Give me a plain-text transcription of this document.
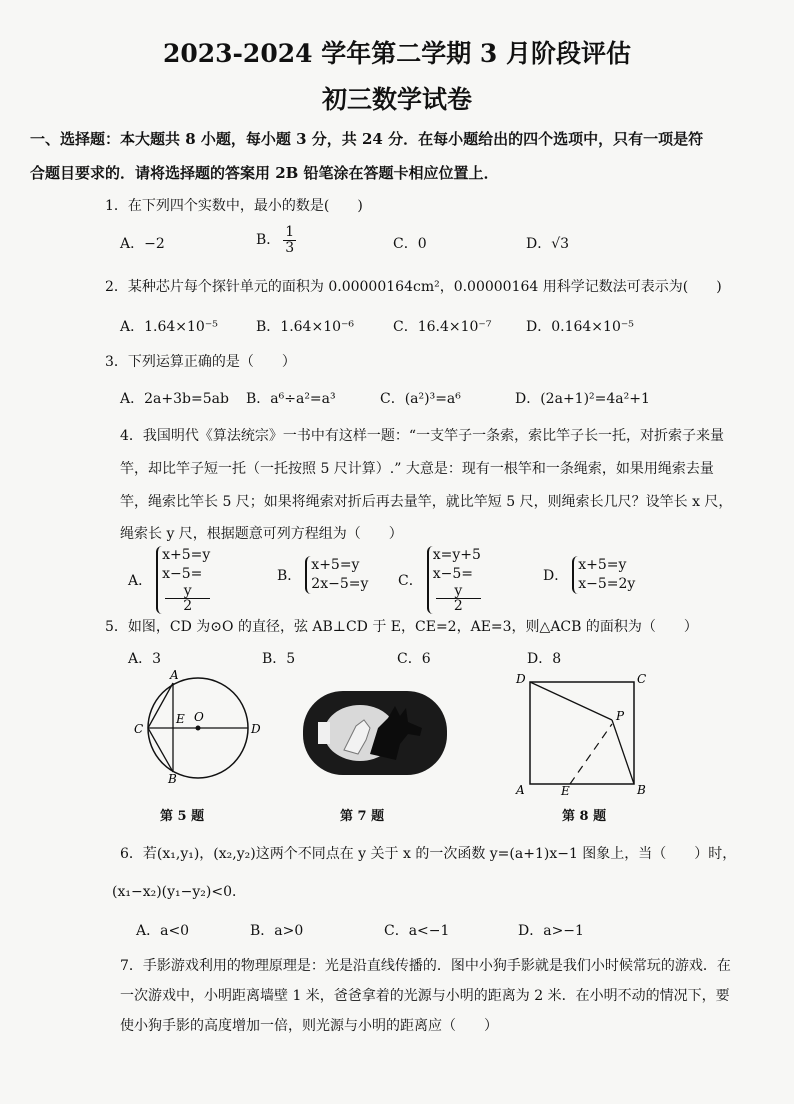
2023-2024 学年第二学期 3 月阶段评估
初三数学试卷
一、选择题：本大题共 8 小题，每小题 3 分，共 24 分．在每小题给出的四个选项中，只有一项是符
合题目要求的．请将选择题的答案用 2B 铅笔涂在答题卡相应位置上．
1．在下列四个实数中，最小的数是(　　)
A．−2	B． $\frac{1}{3}$	C．0	D．√3
2．某种芯片每个探针单元的面积为 0.00000164cm²，0.00000164 用科学记数法可表示为(　　)
A．1.64×10⁻⁵	B．1.64×10⁻⁶	C．16.4×10⁻⁷ D．0.164×10⁻⁵
3．下列运算正确的是（　　）
A．2a+3b=5ab B．a⁶÷a²=a³	C．(a²)³=a⁶	D．(2a+1)²=4a²+1
4．我国明代《算法统宗》一书中有这样一题：“一支竿子一条索，索比竿子长一托，对折索子来量
竿，却比竿子短一托（一托按照 5 尺计算）.” 大意是：现有一根竿和一条绳索，如果用绳索去量
竿，绳索比竿长 5 尺；如果将绳索对折后再去量竿，就比竿短 5 尺，则绳索长几尺？设竿长 x 尺，
绳索长 y 尺，根据题意可列方程组为（　　）
A．
x+5=y
x−5=
y
2
B．
x+5=y
2x−5=y C．
x=y+5
x−5=
y
2
D．
x+5=y
x−5=2y
5．如图，CD 为⊙O 的直径，弦 AB⊥CD 于 E，CE=2，AE=3，则△ACB 的面积为（　　）
A．3	B．5	C．6	D．8
A
B
C	D
E O
第 5 题	第 7 题
D	C
A	B
E
P
第 8 题
6．若(x₁,y₁)，(x₂,y₂)这两个不同点在 y 关于 x 的一次函数 y=(a+1)x−1 图象上，当（　　）时，
(x₁−x₂)(y₁−y₂)<0．
A．a<0	B．a>0	C．a<−1	D．a>−1
7．手影游戏利用的物理原理是：光是沿直线传播的．图中小狗手影就是我们小时候常玩的游戏．在
一次游戏中，小明距离墙壁 1 米，爸爸拿着的光源与小明的距离为 2 米．在小明不动的情况下，要
使小狗手影的高度增加一倍，则光源与小明的距离应（　　）
